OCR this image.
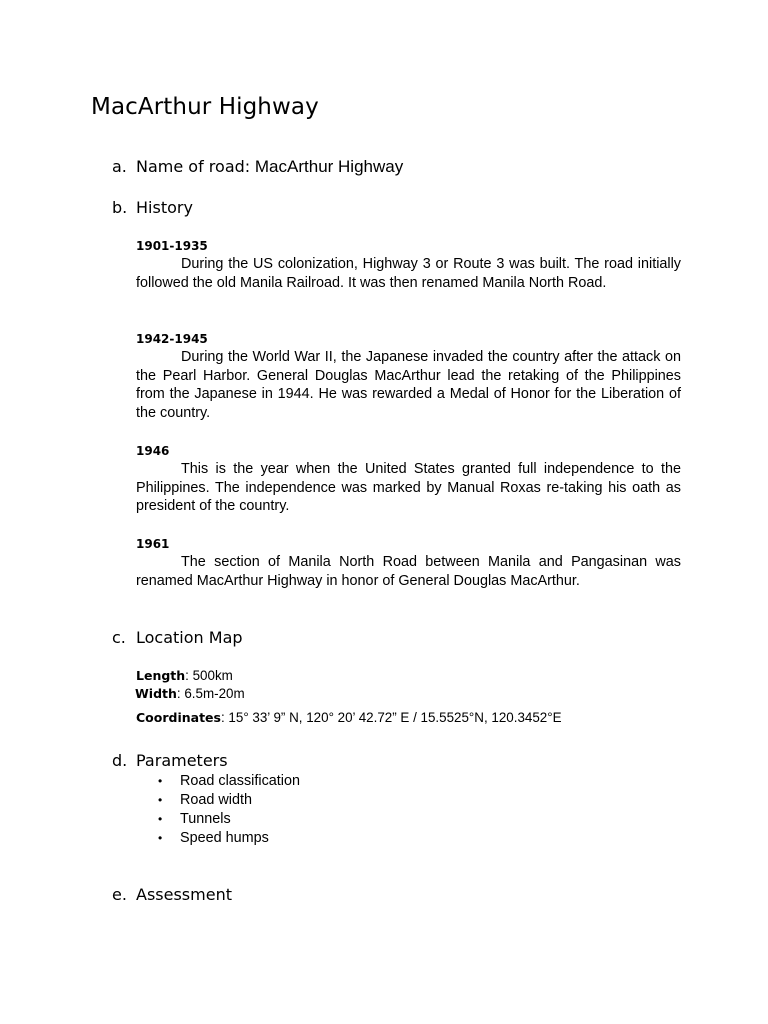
MacArthur Highway
a. Name of road: MacArthur Highway
b. History
1901-1935

During the US colonization, Highway 3 or Route 3 was built. The road initially followed the old Manila Railroad. It was then renamed Manila North Road.

1942-1945

During the World War II, the Japanese invaded the country after the attack on the Pearl Harbor. General Douglas MacArthur lead the retaking of the Philippines from the Japanese in 1944. He was rewarded a Medal of Honor for the Liberation of the country.

1946

This is the year when the United States granted full independence to the Philippines. The independence was marked by Manual Roxas re-taking his oath as president of the country.

1961

The section of Manila North Road between Manila and Pangasinan was renamed MacArthur Highway in honor of General Douglas MacArthur.

c. Location Map
Length: 500km
Width: 6.5m-20m
Coordinates: 15° 33’ 9” N, 120° 20’ 42.72” E / 15.5525°N, 120.3452°E
d. Parameters
• Road classification
• Road width
• Tunnels
• Speed humps
e. Assessment
